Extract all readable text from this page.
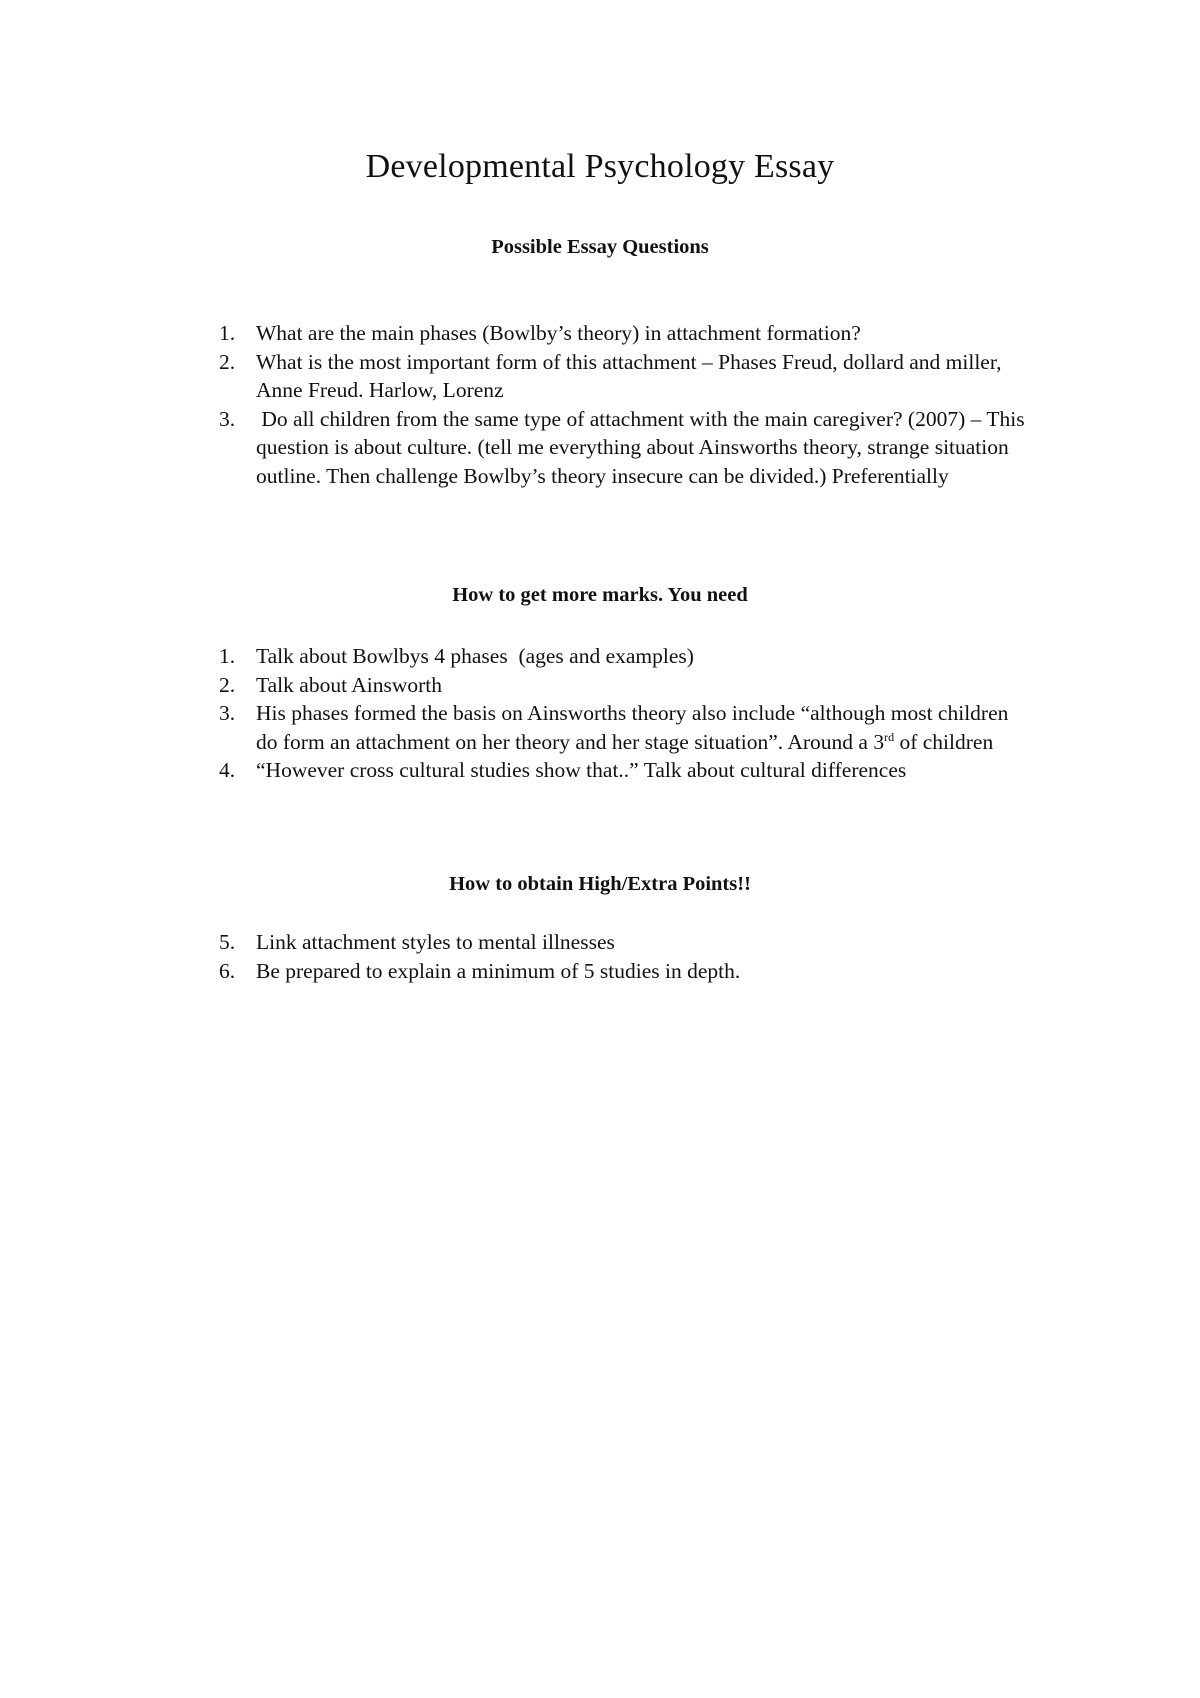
Developmental Psychology Essay
Possible Essay Questions
1. What are the main phases (Bowlby’s theory) in attachment formation?
2. What is the most important form of this attachment – Phases Freud, dollard and miller, Anne Freud. Harlow, Lorenz
3. Do all children from the same type of attachment with the main caregiver? (2007) – This question is about culture. (tell me everything about Ainsworths theory, strange situation outline. Then challenge Bowlby’s theory insecure can be divided.) Preferentially
How to get more marks. You need
1. Talk about Bowlbys 4 phases  (ages and examples)
2. Talk about Ainsworth
3. His phases formed the basis on Ainsworths theory also include “although most children do form an attachment on her theory and her stage situation”. Around a 3rd of children
4. “However cross cultural studies show that..” Talk about cultural differences
How to obtain High/Extra Points!!
5. Link attachment styles to mental illnesses
6. Be prepared to explain a minimum of 5 studies in depth.
